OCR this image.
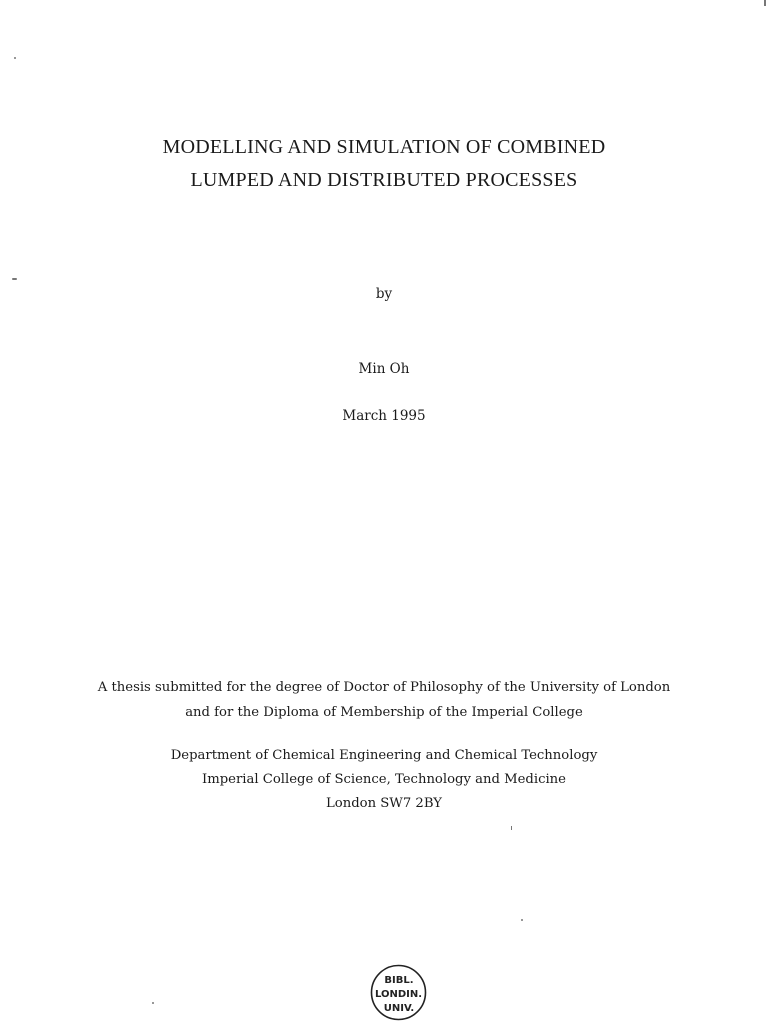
MODELLING AND SIMULATION OF COMBINED
LUMPED AND DISTRIBUTED PROCESSES
by
Min Oh
March 1995
A thesis submitted for the degree of Doctor of Philosophy of the University of London
and for the Diploma of Membership of the Imperial College
Department of Chemical Engineering and Chemical Technology
Imperial College of Science, Technology and Medicine
London SW7 2BY
BIBL.
LONDIN.
UNIV.
